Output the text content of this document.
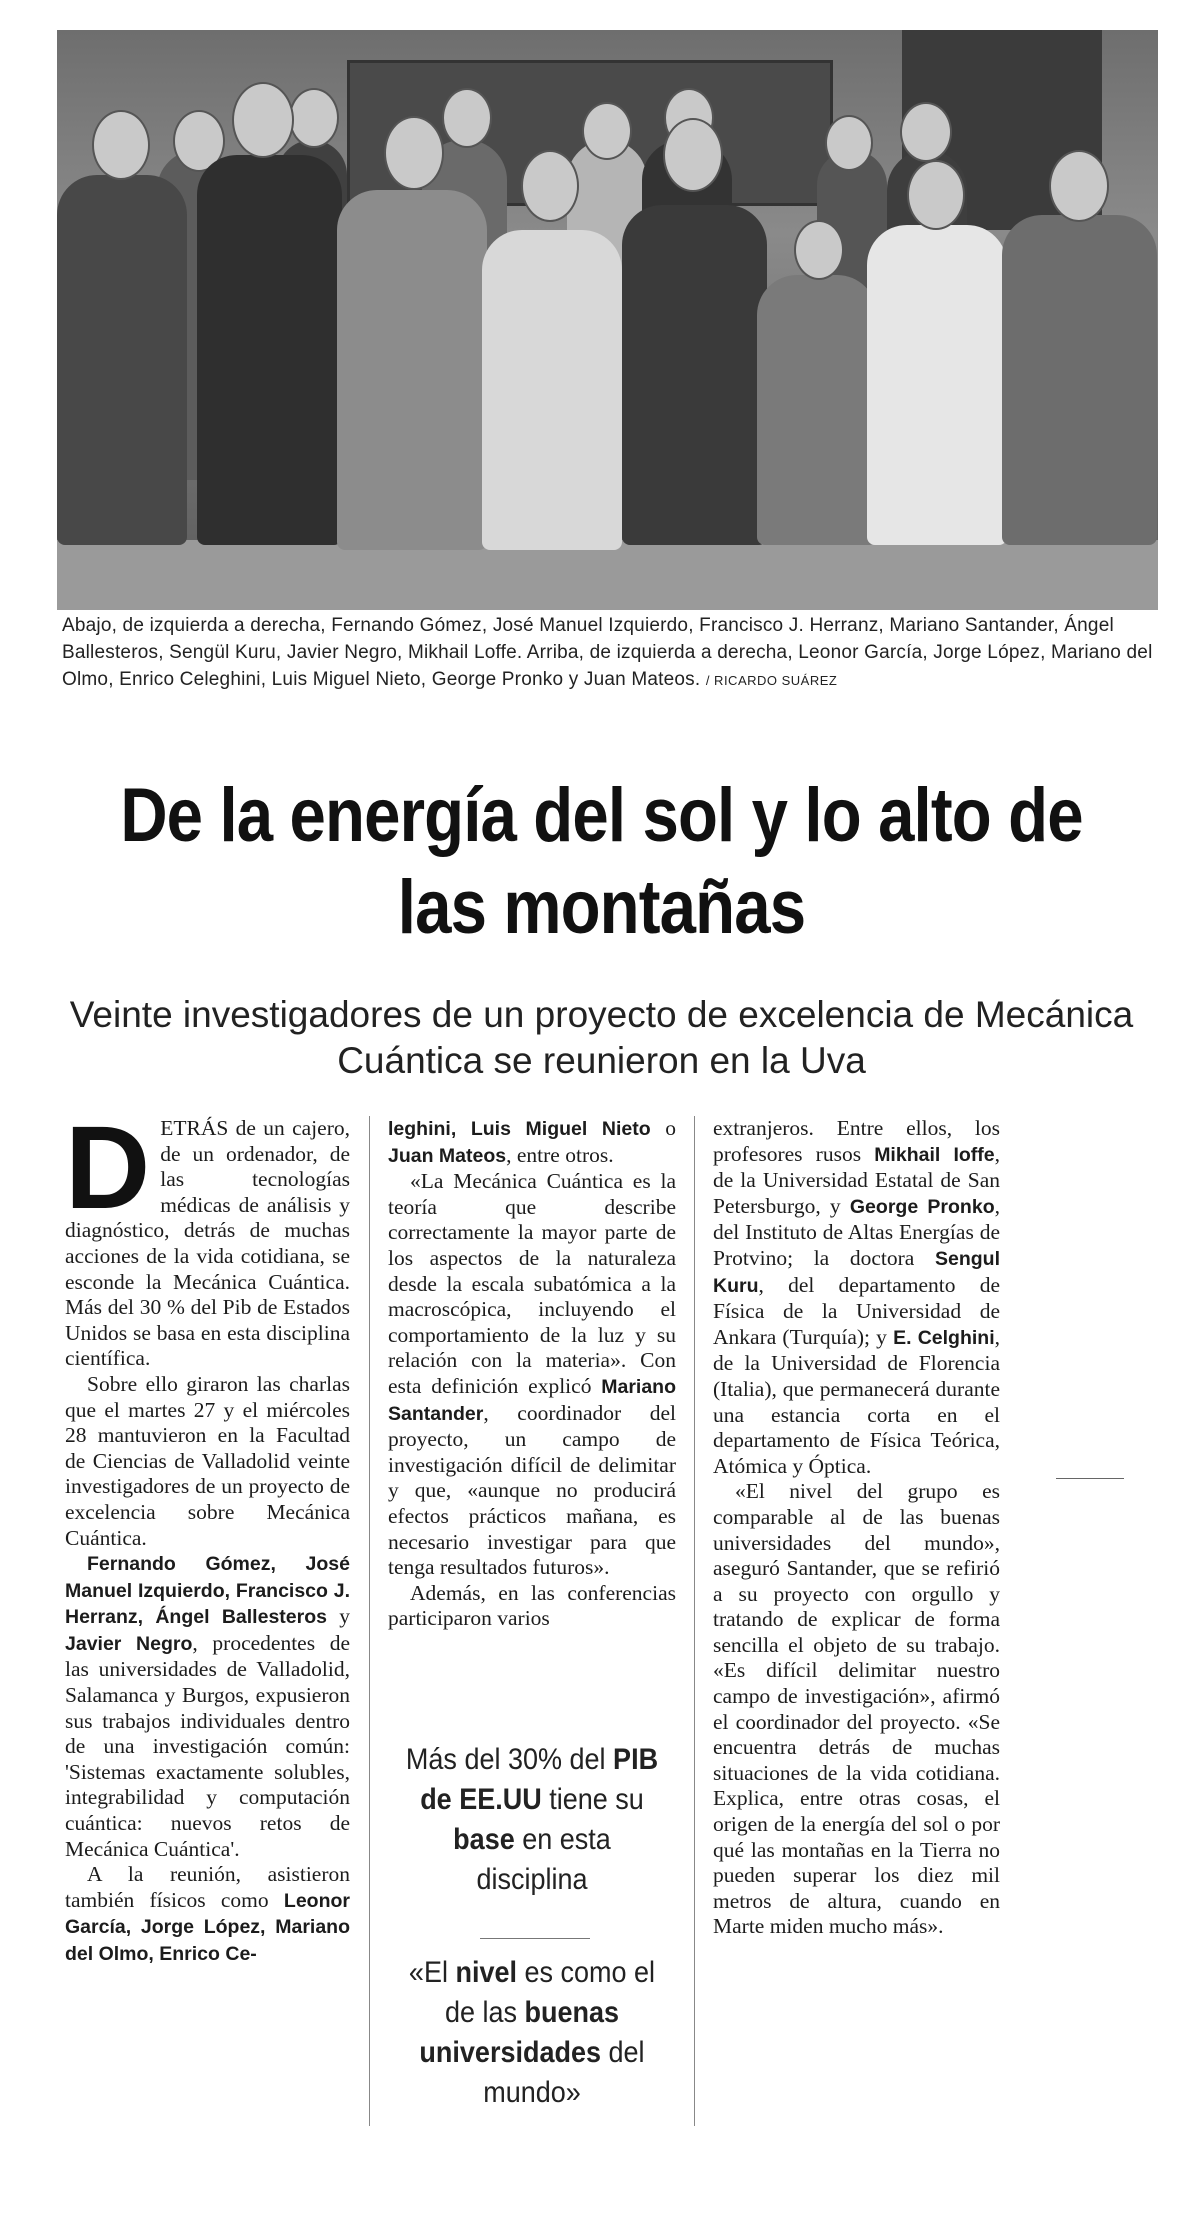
Abajo, de izquierda a derecha, Fernando Gómez, José Manuel Izquierdo, Francisco J. Herranz, Mariano Santander, Ángel Ballesteros, Sengül Kuru, Javier Negro, Mikhail Loffe. Arriba, de izquierda a derecha, Leonor García, Jorge López, Mariano del Olmo, Enrico Celeghini, Luis Miguel Nieto, George Pronko y Juan Mateos. / RICARDO SUÁREZ
De la energía del sol y lo alto de las montañas
Veinte investigadores de un proyecto de excelencia de Mecánica Cuántica se reunieron en la Uva

DETRÁS de un cajero, de un ordenador, de las tecnologías médicas de análisis y diagnóstico, detrás de muchas acciones de la vida cotidiana, se esconde la Mecánica Cuántica. Más del 30 % del Pib de Estados Unidos se basa en esta disciplina científica.

Sobre ello giraron las charlas que el martes 27 y el miércoles 28 mantuvieron en la Facultad de Ciencias de Valladolid veinte investigadores de un proyecto de excelencia sobre Mecánica Cuántica.

Fernando Gómez, José Manuel Izquierdo, Francisco J. Herranz, Ángel Ballesteros y Javier Negro, procedentes de las universidades de Valladolid, Salamanca y Burgos, expusieron sus trabajos individuales dentro de una investigación común: 'Sistemas exactamente solubles, integrabilidad y computación cuántica: nuevos retos de Mecánica Cuántica'.

A la reunión, asistieron también físicos como Leonor García, Jorge López, Mariano del Olmo, Enrico Ce-

leghini, Luis Miguel Nieto o Juan Mateos, entre otros.

«La Mecánica Cuántica es la teoría que describe correctamente la mayor parte de los aspectos de la naturaleza desde la escala subatómica a la macroscópica, incluyendo el comportamiento de la luz y su relación con la materia». Con esta definición explicó Mariano Santander, coordinador del proyecto, un campo de investigación difícil de delimitar y que, «aunque no producirá efectos prácticos mañana, es necesario investigar para que tenga resultados futuros».

Además, en las conferencias participaron varios

Más del 30% del PIB de EE.UU tiene su base en esta disciplina
«El nivel es como el de las buenas universidades del mundo»

extranjeros. Entre ellos, los profesores rusos Mikhail Ioffe, de la Universidad Estatal de San Petersburgo, y George Pronko, del Instituto de Altas Energías de Protvino; la doctora Sengul Kuru, del departamento de Física de la Universidad de Ankara (Turquía); y E. Celghini, de la Universidad de Florencia (Italia), que permanecerá durante una estancia corta en el departamento de Física Teórica, Atómica y Óptica.

«El nivel del grupo es comparable al de las buenas universidades del mundo», aseguró Santander, que se refirió a su proyecto con orgullo y tratando de explicar de forma sencilla el objeto de su trabajo. «Es difícil delimitar nuestro campo de investigación», afirmó el coordinador del proyecto. «Se encuentra detrás de muchas situaciones de la vida cotidiana. Explica, entre otras cosas, el origen de la energía del sol o por qué las montañas en la Tierra no pueden superar los diez mil metros de altura, cuando en Marte miden mucho más».
